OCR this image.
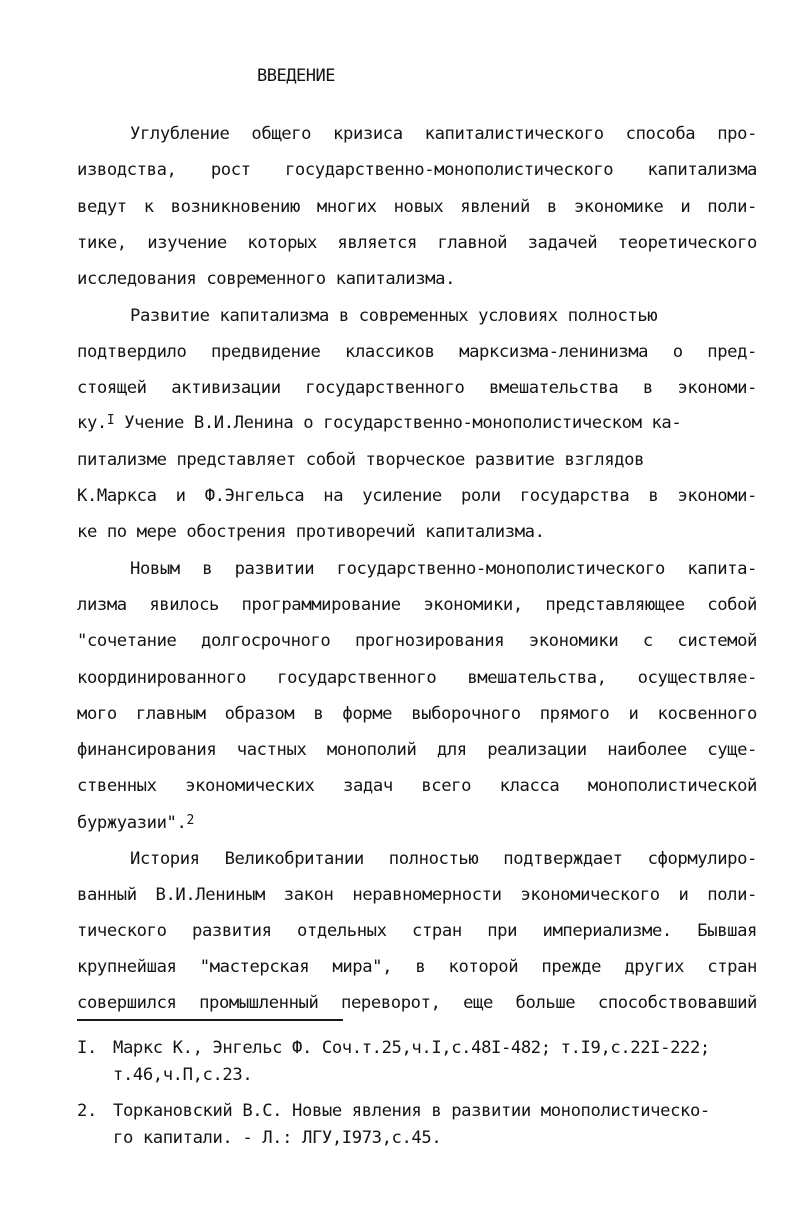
ВВЕДЕНИЕ
Углубление общего кризиса капиталистического способа про-
изводства, рост государственно-монополистического капитализма
ведут к возникновению многих новых явлений в экономике и поли-
тике, изучение которых является главной задачей теоретического
исследования современного капитализма.
Развитие капитализма в современных условиях полностью
подтвердило предвидение классиков марксизма-ленинизма о пред-
стоящей активизации государственного вмешательства в экономи-
ку.$^I$ Учение В.И.Ленина о государственно-монополистическом ка-
питализме представляет собой творческое развитие взглядов
К.Маркса и Ф.Энгельса на усиление роли государства в экономи-
ке по мере обострения противоречий капитализма.
Новым в развитии государственно-монополистического капита-
лизма явилось программирование экономики, представляющее собой
"сочетание долгосрочного прогнозирования экономики с системой
координированного государственного вмешательства, осуществляе-
мого главным образом в форме выборочного прямого и косвенного
финансирования частных монополий для реализации наиболее суще-
ственных экономических задач всего класса монополистической
буржуазии".$^2$
История Великобритании полностью подтверждает сформулиро-
ванный В.И.Лениным закон неравномерности экономического и поли-
тического развития отдельных стран при империализме. Бывшая
крупнейшая "мастерская мира", в которой прежде других стран
совершился промышленный переворот, еще больше способствовавший
I. Маркс К., Энгельс Ф. Соч.т.25,ч.I,с.48I-482; т.I9,с.22I-222;
т.46,ч.П,с.23.
2. Торкановский В.С. Новые явления в развитии монополистическо-
го капитали. - Л.: ЛГУ,I973,с.45.
